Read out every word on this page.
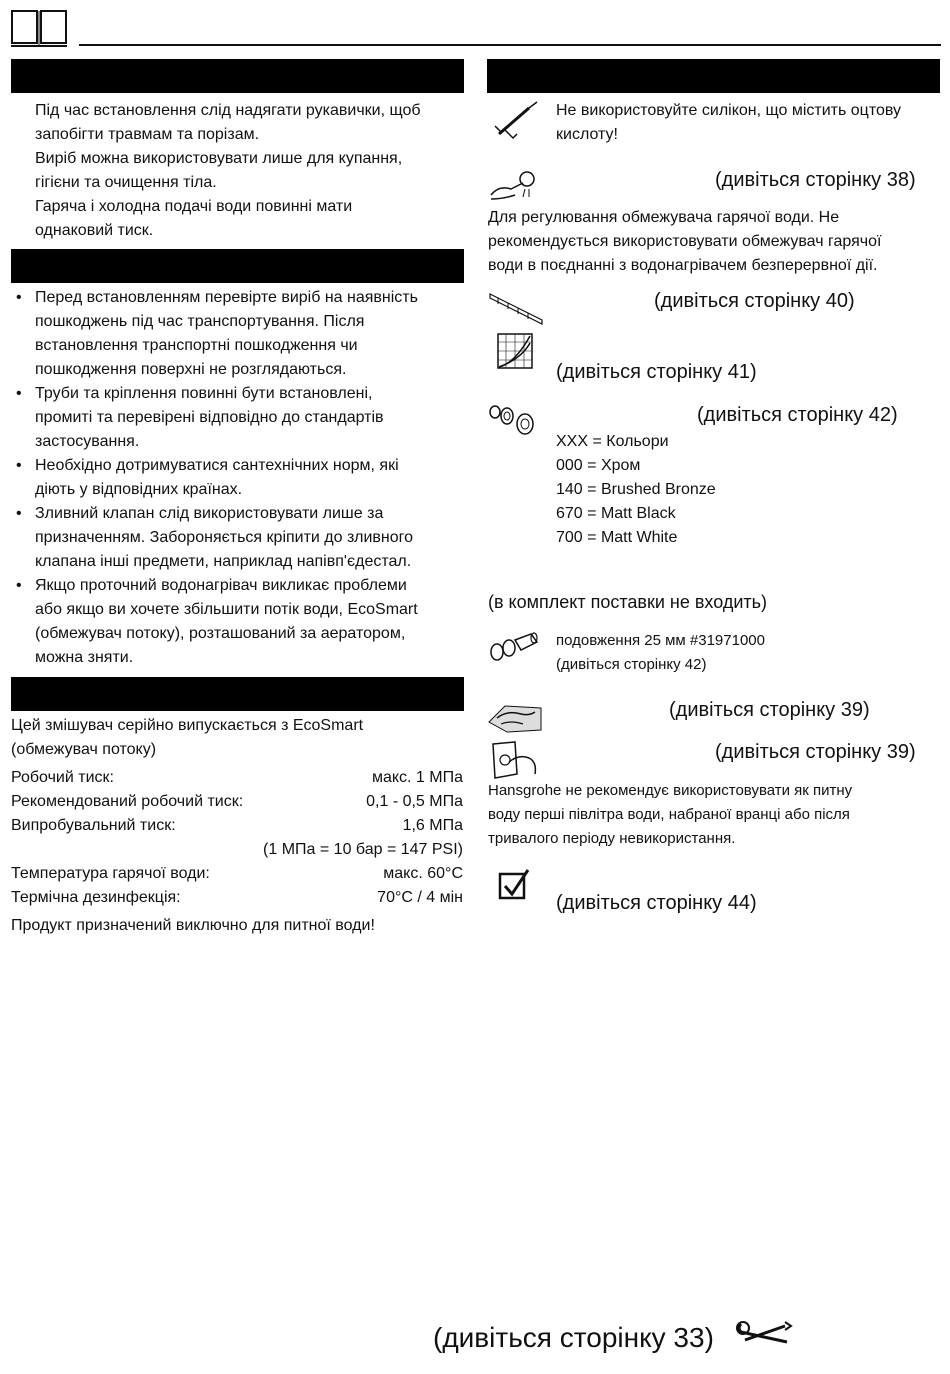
Під час встановлення слід надягати рукавички, щоб
запобігти травмам та порізам.
Виріб можна використовувати лише для купання,
гігієни та очищення тіла.
Гаряча і холодна подачі води повинні мати
однаковий тиск.
• Перед встановленням перевірте виріб на наявність
пошкоджень під час транспортування. Після
встановлення транспортні пошкодження чи
пошкодження поверхні не розглядаються.
• Труби та кріплення повинні бути встановлені,
промиті та перевірені відповідно до стандартів
застосування.
• Необхідно дотримуватися сантехнічних норм, які
діють у відповідних країнах.
• Зливний клапан слід використовувати лише за
призначенням. Забороняється кріпити до зливного
клапана інші предмети, наприклад напівп'єдестал.
• Якщо проточний водонагрівач викликає проблеми
або якщо ви хочете збільшити потік води, EcoSmart
(обмежувач потоку), розташований за аератором,
можна зняти.
Цей змішувач серійно випускається з EcoSmart
(обмежувач потоку)
Робочий тиск:	макс. 1 МПа
Рекомендований робочий тиск:	0,1 - 0,5 МПа
Випробувальний тиск:	1,6 МПа
(1 МПа = 10 бар = 147 PSI)
Температура гарячої води:	макс. 60°C
Термічна дезинфекція:	70°C / 4 мін
Продукт призначений виключно для питної води!
Не використовуйте силікон, що містить оцтову
кислоту!
(дивіться сторінку 38)
Для регулювання обмежувача гарячої води. Не
рекомендується використовувати обмежувач гарячої
води в поєднанні з водонагрівачем безперервної дії.
(дивіться сторінку 40)
(дивіться сторінку 41)
(дивіться сторінку 42)
XXX = Кольори
000 = Хром
140 = Brushed Bronze
670 = Matt Black
700 = Matt White
(в комплект поставки не входить)
подовження 25 мм #31971000
(дивіться сторінку 42)
(дивіться сторінку 39)
(дивіться сторінку 39)
Hansgrohe не рекомендує використовувати як питну
воду перші півлітра води, набраної вранці або після
тривалого періоду невикористання.
(дивіться сторінку 44)
(дивіться сторінку 33)
